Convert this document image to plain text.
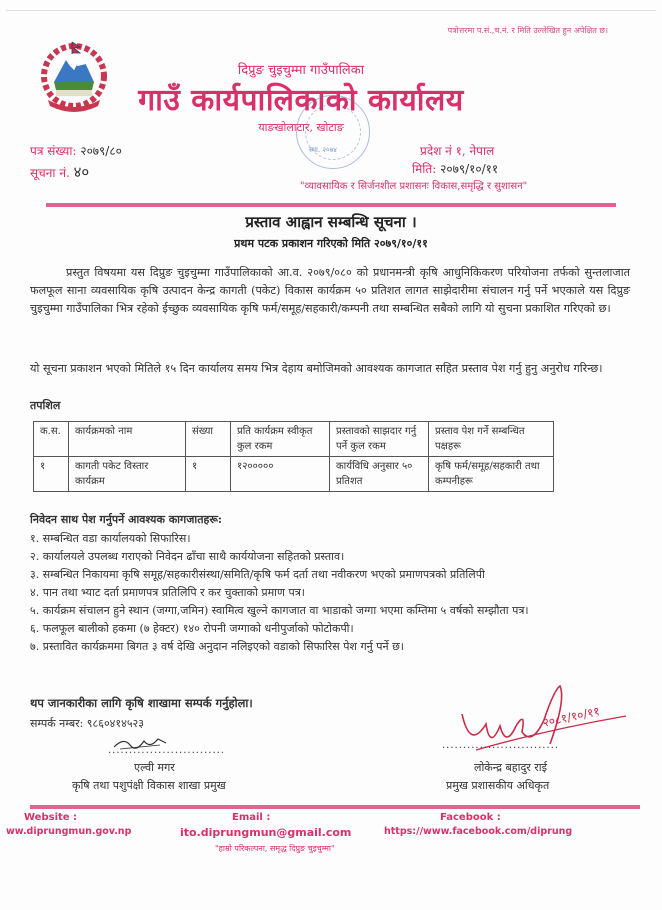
पत्रोत्तरमा प.सं.,च.नं. र मिति उल्लेखित हुन अपेक्षित छ।
दिप्रुङ चुइचुम्मा गाउँपालिका
गाउँ कार्यपालिकाको कार्यालय
याङखोलाटार, खोटाङ
स्था. २०७४
पत्र संख्या: २०७९/८०
सूचना नं. ४०
प्रदेश नं १, नेपाल
मिति: २०७९/१०/११
"व्यावसायिक र सिर्जनशील प्रशासनः विकास,समृद्धि र सुशासन"
प्रस्ताव आह्वान सम्बन्धि सूचना ।
प्रथम पटक प्रकाशन गरिएको मिति २०७९/१०/११
प्रस्तुत विषयमा यस दिप्रुङ चुइचुम्मा गाउँपालिकाको आ.व. २०७९/०८० को प्रधानमन्त्री कृषि आधुनिकिकरण परियोजना तर्फको सुन्तलाजात फलफूल साना व्यवसायिक कृषि उत्पादन केन्द्र कागती (पकेट) विकास कार्यक्रम ५० प्रतिशत लागत साझेदारीमा संचालन गर्नु पर्ने भएकाले यस दिप्रुङ चुइचुम्मा गाउँपालिका भित्र रहेको ईच्छुक व्यवसायिक कृषि फर्म/समूह/सहकारी/कम्पनी तथा सम्बन्धित सबैको लागि यो सुचना प्रकाशित गरिएको छ।
यो सूचना प्रकाशन भएको मितिले १५ दिन कार्यालय समय भित्र देहाय बमोजिमको आवश्यक कागजात सहित प्रस्ताव पेश गर्नु हुनु अनुरोध गरिन्छ।
तपशिल
क.स.	कार्यक्रमको नाम	संख्या	प्रति कार्यक्रम स्वीकृत कुल रकम	प्रस्तावको साझदार गर्नु पर्ने कुल रकम	प्रस्ताव पेश गर्ने सम्बन्धित पक्षहरू
१	कागती पकेट विस्तार कार्यक्रम	१	१२०००००	कार्यविधि अनुसार ५० प्रतिशत	कृषि फर्म/समूह/सहकारी तथा कम्पनीहरू
निवेदन साथ पेश गर्नुपर्ने आवश्यक कागजातहरू:
१. सम्बन्धित वडा कार्यालयको सिफारिस।
२. कार्यालयले उपलब्ध गराएको निवेदन ढाँचा साथै कार्ययोजना सहितको प्रस्ताव।
३. सम्बन्धित निकायमा कृषि समूह/सहकारीसंस्था/समिति/कृषि फर्म दर्ता तथा नवीकरण भएको प्रमाणपत्रको प्रतिलिपी
४. पान तथा भ्याट दर्ता प्रमाणपत्र प्रतिलिपि र कर चुक्ताको प्रमाण पत्र।
५. कार्यक्रम संचालन हुने स्थान (जग्गा,जमिन) स्वामित्व खुल्ने कागजात वा भाडाको जग्गा भएमा कम्तिमा ५ वर्षको सम्झौता पत्र।
६. फलफूल बालीको हकमा (७ हेक्टर) १४० रोपनी जग्गाको धनीपुर्जाको फोटोकपी।
७. प्रस्तावित कार्यक्रममा बिगत ३ वर्ष देखि अनुदान नलिइएको वडाको सिफारिस पेश गर्नु पर्ने छ।
थप जानकारीका लागि कृषि शाखामा सम्पर्क गर्नुहोला।
सम्पर्क नम्बर: ९८६०४१४५२३
............................
एल्वी मगर
कृषि तथा पशुपंक्षी विकास शाखा प्रमुख
२०८१/१०/११
............................
लोकेन्द्र बहादुर राई
प्रमुख प्रशासकीय अधिकृत
Website :
ww.diprungmun.gov.np
Email :
ito.diprungmun@gmail.com
Facebook :
https://www.facebook.com/diprung
"हाम्रो परिकल्पना, समृद्ध दिप्रुङ चुइचुम्मा"
